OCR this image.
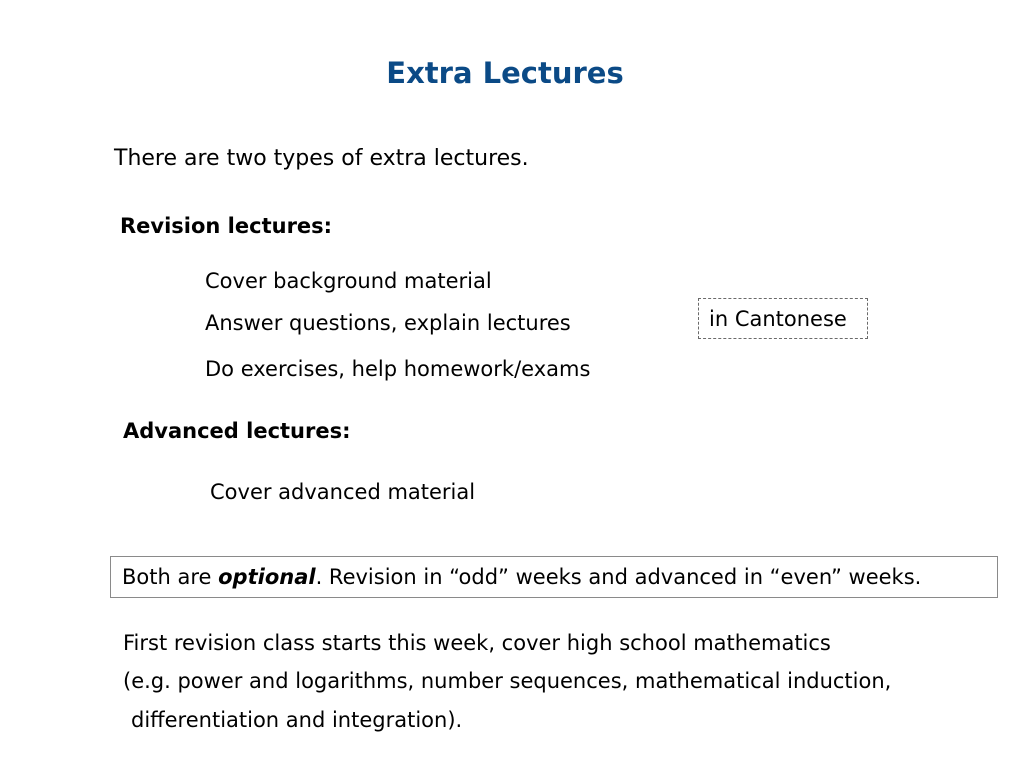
Extra Lectures
There are two types of extra lectures.
Revision lectures:
Cover background material
Answer questions, explain lectures
Do exercises, help homework/exams
in Cantonese
Advanced lectures:
Cover advanced material
Both are optional. Revision in “odd” weeks and advanced in “even” weeks.
First revision class starts this week, cover high school mathematics
(e.g. power and logarithms, number sequences, mathematical induction,
differentiation and integration).
